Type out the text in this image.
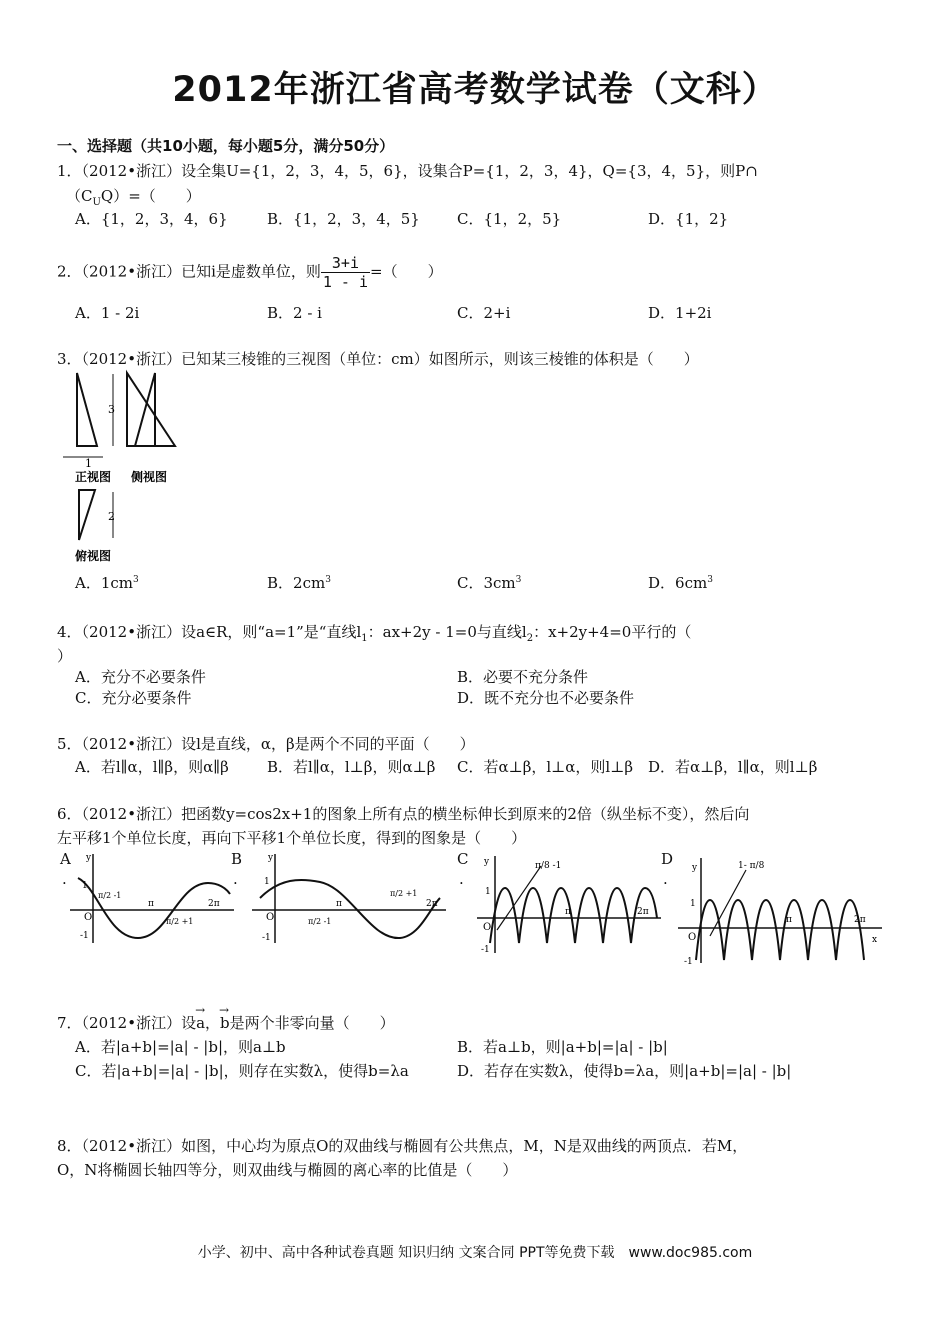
2012年浙江省高考数学试卷（文科）
一、选择题（共10小题，每小题5分，满分50分）
1．（2012•浙江）设全集U={1，2，3，4，5，6}，设集合P={1，2，3，4}，Q={3，4，5}，则P∩
$(C_UQ)=$（　　）
A．{1，2，3，4，6}	B．{1，2，3，4，5} C．{1，2，5}	D．{1，2}
2．（2012•浙江）已知i是虚数单位，则 $\frac{3+i}{1 - i}$ =（　　）
A．1 - 2i	B．2 - i	C．2+i	D．1+2i
3．（2012•浙江）已知某三棱锥的三视图（单位：cm）如图所示，则该三棱锥的体积是（　　）
3
1
2
正视图 侧视图
俯视图
A．$1cm^3$	B．$2cm^3$	C．$3cm^3$	D．$6cm^3$
4．（2012•浙江）设a∈R，则“a=1”是“直线$l_1$：ax+2y - 1=0与直线$l_2$：x+2y+4=0平行的（
）
A．充分不必要条件	B．必要不充分条件
C．充分必要条件	D．既不充分也不必要条件
5．（2012•浙江）设l是直线，α，β是两个不同的平面（　　）
A．若l∥α，l∥β，则α∥β	B．若l∥α，l⊥β，则α⊥β C．若α⊥β，l⊥α，则l⊥β D．若α⊥β，l∥α，则l⊥β
6．（2012•浙江）把函数y=cos2x+1的图象上所有点的横坐标伸长到原来的2倍（纵坐标不变），然后向
左平移1个单位长度，再向下平移1个单位长度，得到的图象是（　　）
A
.
B
.
C
.
D
.
y
O
1
-1
π/2 -1
π
π/2 +1
2π
y
O
1
-1
π/2 -1
π
π/2 +1
2π
y
O
1
-1
π/8 -1
π	2π
y
O
1
-1
1- π/8
π	2π
x
7．（2012•浙江）设→ a，→ b是两个非零向量（　　）
A．若|a+b|=|a| - |b|，则a⊥b	B．若a⊥b，则|a+b|=|a| - |b|
C．若|a+b|=|a| - |b|，则存在实数λ，使得b=λa	D．若存在实数λ，使得b=λa，则|a+b|=|a| - |b|
8．（2012•浙江）如图，中心均为原点O的双曲线与椭圆有公共焦点，M，N是双曲线的两顶点．若M，
O，N将椭圆长轴四等分，则双曲线与椭圆的离心率的比值是（　　）
小学、初中、高中各种试卷真题 知识归纳 文案合同 PPT等免费下载　www.doc985.com
